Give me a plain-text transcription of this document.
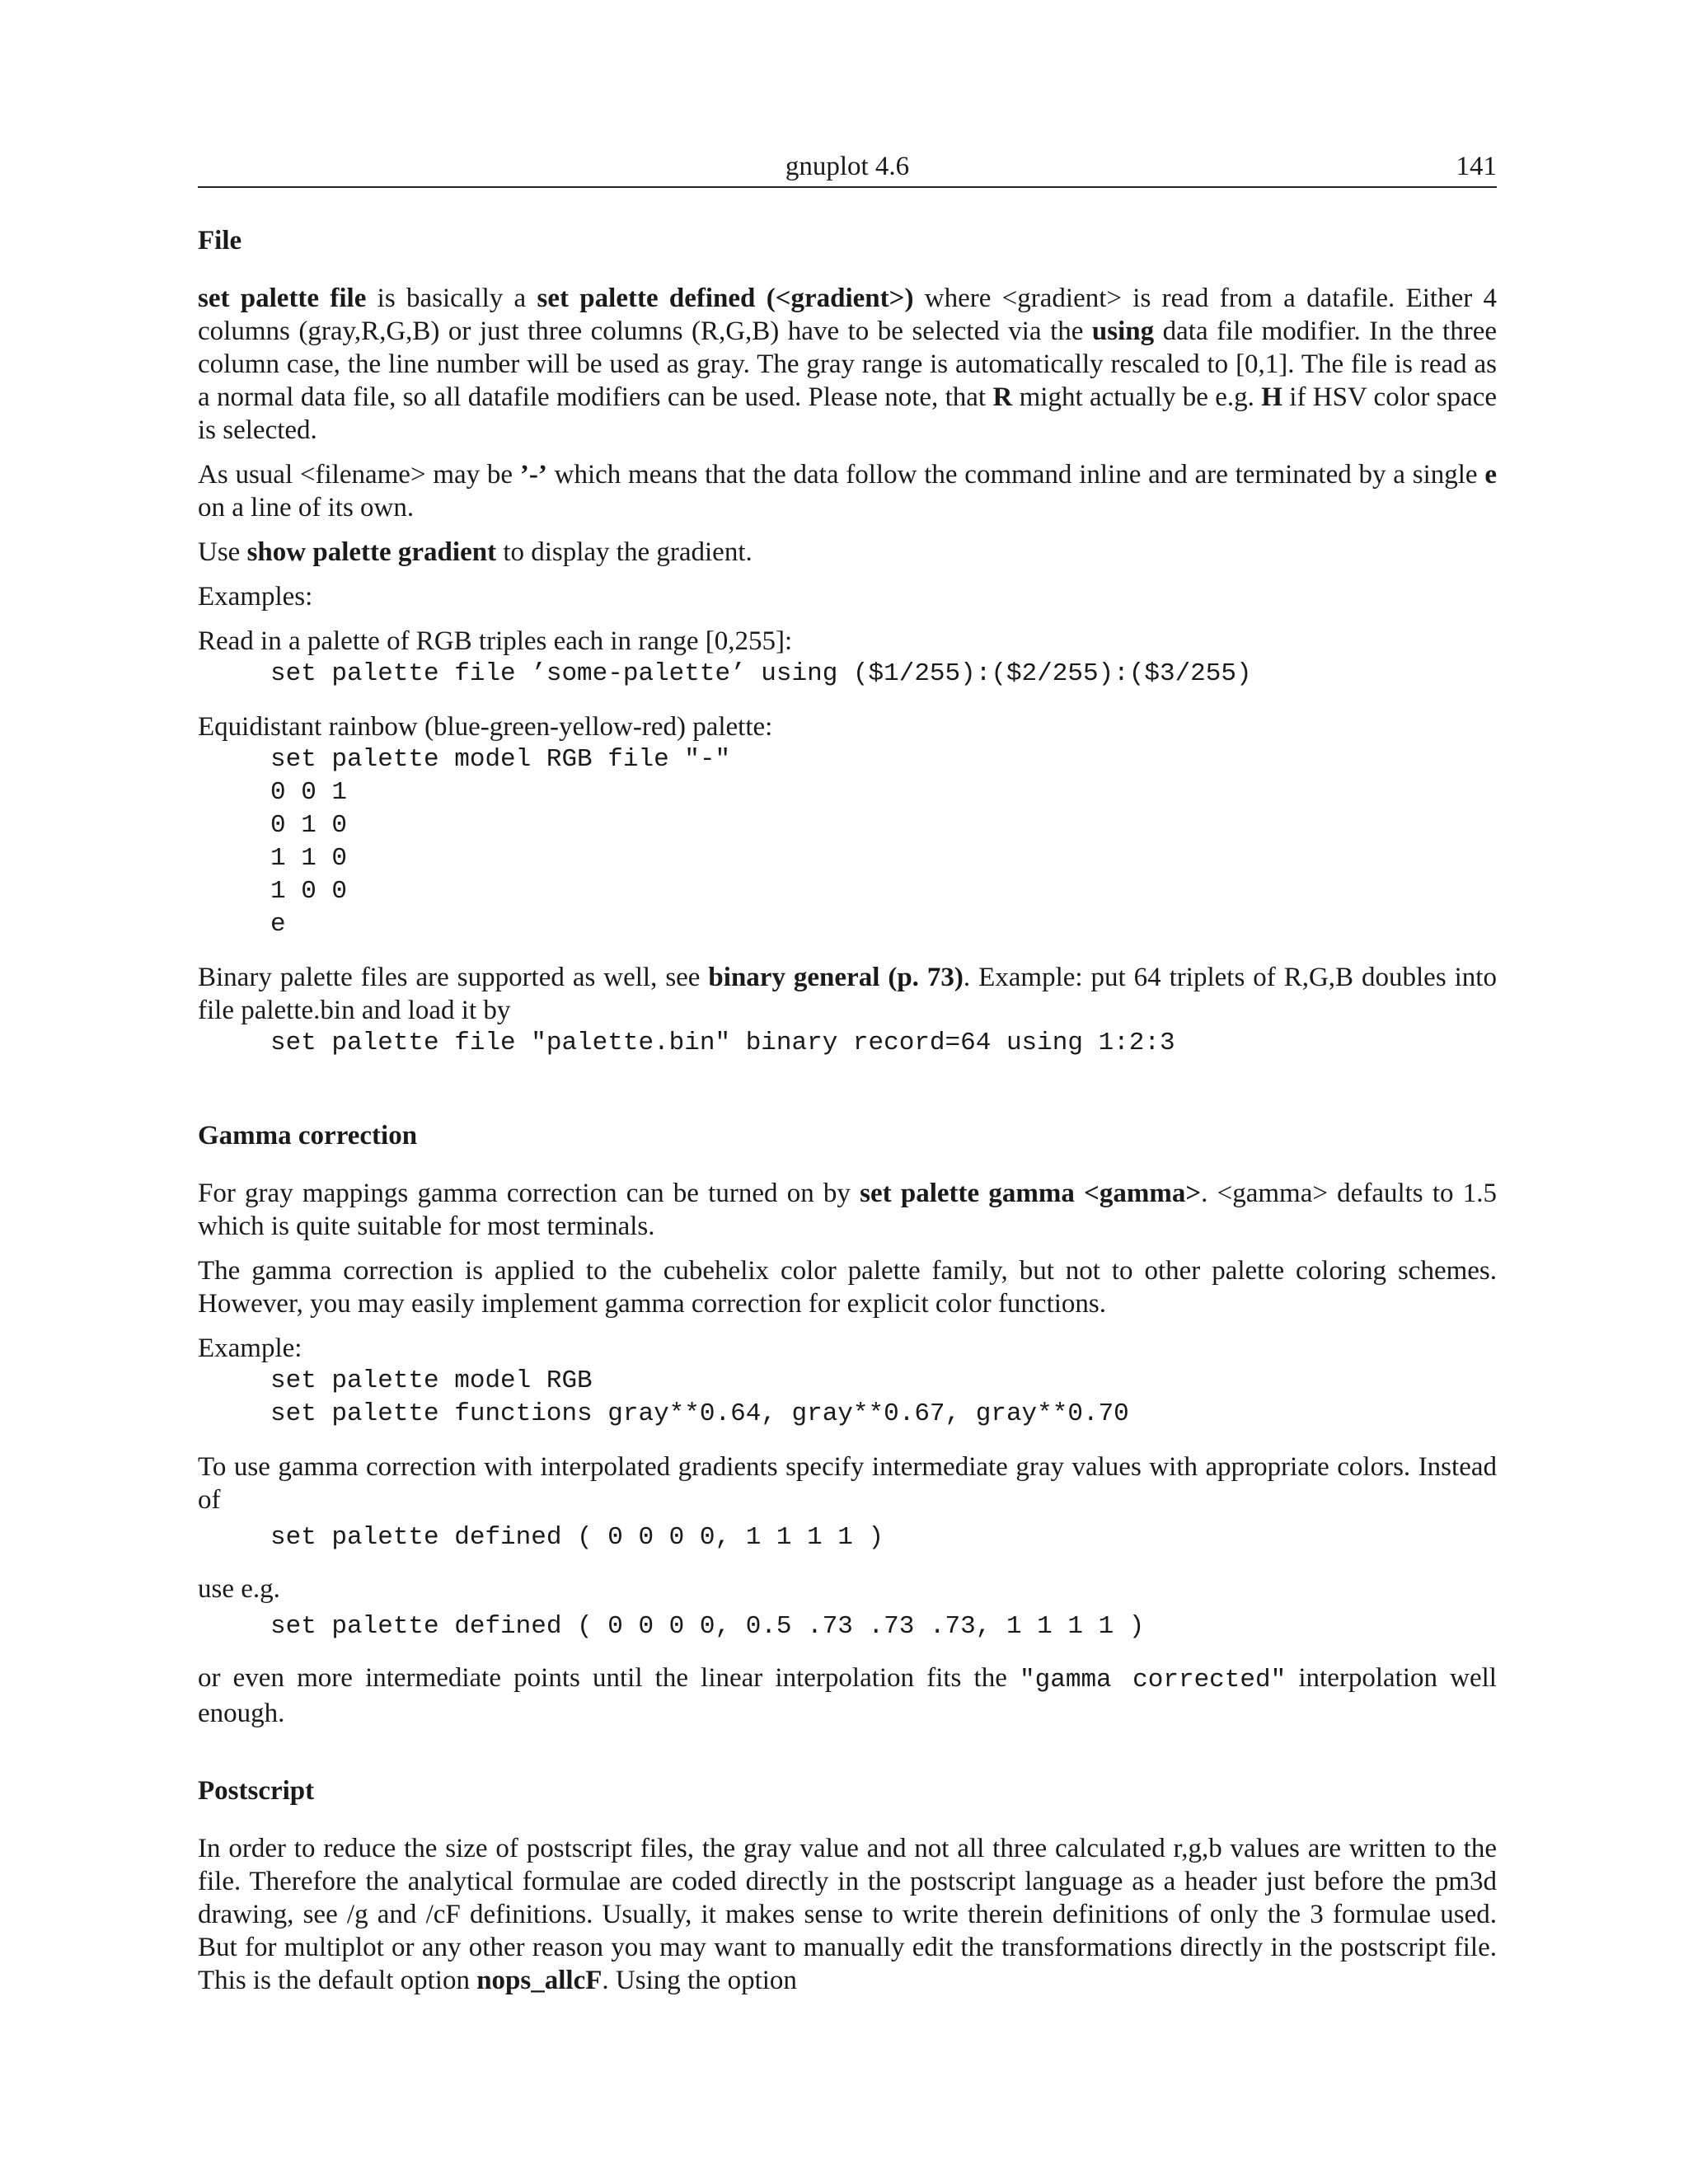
gnuplot 4.6	141
File

set palette file is basically a set palette defined (<gradient>) where <gradient> is read from a datafile. Either 4 columns (gray,R,G,B) or just three columns (R,G,B) have to be selected via the using data file modifier. In the three column case, the line number will be used as gray. The gray range is automatically rescaled to [0,1]. The file is read as a normal data file, so all datafile modifiers can be used. Please note, that R might actually be e.g. H if HSV color space is selected.

As usual <filename> may be ’-’ which means that the data follow the command inline and are terminated by a single e on a line of its own.

Use show palette gradient to display the gradient.

Examples:

Read in a palette of RGB triples each in range [0,255]:

set palette file ’some-palette’ using ($1/255):($2/255):($3/255)

Equidistant rainbow (blue-green-yellow-red) palette:

set palette model RGB file "-"
0 0 1
0 1 0
1 1 0
1 0 0
e

Binary palette files are supported as well, see binary general (p. 73). Example: put 64 triplets of R,G,B doubles into file palette.bin and load it by

set palette file "palette.bin" binary record=64 using 1:2:3
Gamma correction

For gray mappings gamma correction can be turned on by set palette gamma <gamma>. <gamma> defaults to 1.5 which is quite suitable for most terminals.

The gamma correction is applied to the cubehelix color palette family, but not to other palette coloring schemes. However, you may easily implement gamma correction for explicit color functions.

Example:

set palette model RGB
set palette functions gray**0.64, gray**0.67, gray**0.70

To use gamma correction with interpolated gradients specify intermediate gray values with appropriate colors. Instead of

set palette defined ( 0 0 0 0, 1 1 1 1 )

use e.g.

set palette defined ( 0 0 0 0, 0.5 .73 .73 .73, 1 1 1 1 )

or even more intermediate points until the linear interpolation fits the "gamma corrected" interpolation well enough.

Postscript

In order to reduce the size of postscript files, the gray value and not all three calculated r,g,b values are written to the file. Therefore the analytical formulae are coded directly in the postscript language as a header just before the pm3d drawing, see /g and /cF definitions. Usually, it makes sense to write therein definitions of only the 3 formulae used. But for multiplot or any other reason you may want to manually edit the transformations directly in the postscript file. This is the default option nops_allcF. Using the option
